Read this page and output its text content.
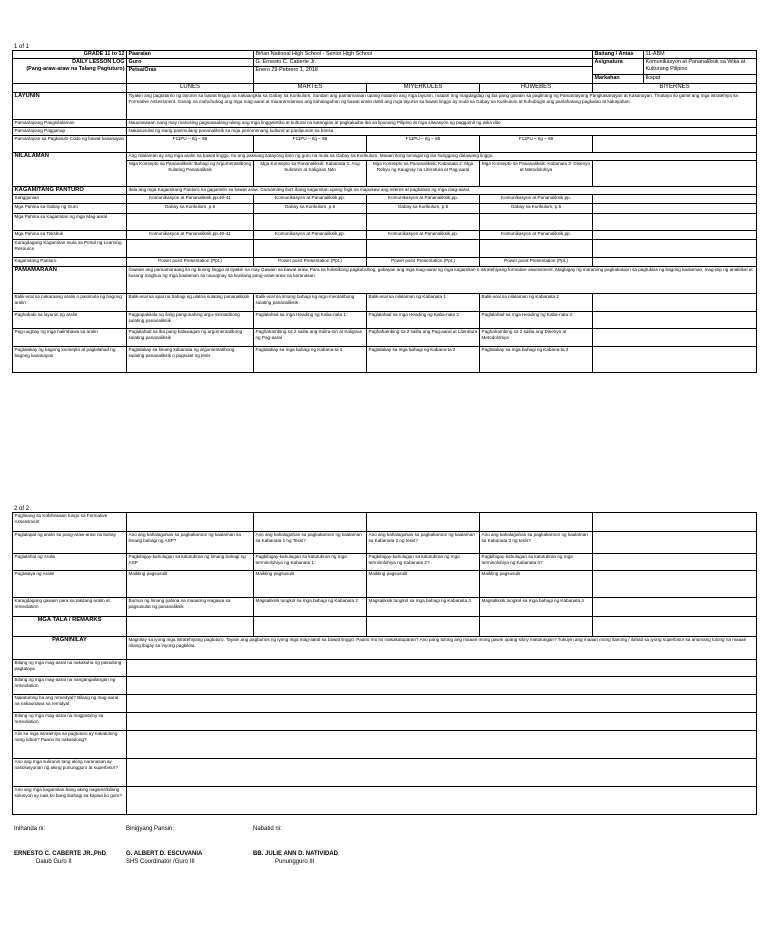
1 of 1
GRADE 11 to 12	Paaralan	Biñan National High School - Senior High School			Baitang / Antas	11-ABM

DAILY LESSON LOG
(Pang-araw-araw na Talang Pagtuturo)	Guro	G. Ernesto C. Caberte Jr.			Asignatura	Komunikasyon at Pananaliksik sa Wika at Kulturang Pilipino
	Petsa/Oras	Enero 29-Pebrero 1, 2018				
					Markahan	Ikapat
	LUNES	MARTES	MIYERKULES	HUWEBES	BIYERNES	
LAYUNIN	Tiyakin ang pagtatamo ng layunin sa bawat linggo na nakaangkla sa Gabay sa Kurikulum. Sundan ang pamamaraan upang matamo ang mga layunin, maaari ring magdagdag ng iba pang gawain sa paglinang ng Pamantayang Pangkasanayan at Kasanayan. Tinataya ito gamit ang mga istratehiya sa Formative Assessment. Ganap na mahuhubog ang mga mag-aaral at mararamdaman ang kahalagahan ng bawat aralin dahil ang mga layunin sa bawat linggo ay mula sa Gabay sa Kurikulum at huhubugin ang panlahatang pagkatao at kakayahan.					
Pamantayang Pangnilalaman	Nauunawaan nang may masusing pagsasaalang-alang ang mga linggwistiko at kultural na katangian at pagkakaiba-iba sa lipunang Pilipino at mga sitwasyon ng paggamit ng wika dito					
Pamantayang Pagganap	Nakasusulat ng isang panimulang pananaliksik sa mga penomenang kultural at panlipunan sa bansa					
Pamantayan sa Pagkatuto Code ng bawat kasanayan	F11PU – IIg – 88	F11PU – IIg – 88	F11PU – IIg – 88	F11PU – IIg – 88		
NILALAMAN	Ang nilalaman ay ang mga aralin sa bawat linggo. Ito ang paksang itatayong itaro ng guro na mula sa Gabay sa Kurikulum. Maaari itong tumagal ng isa hanggang dalawang linggo.					
	Mga Konsepto sa Pananaliksik: Bahagi ng Argumentatibong Sulating Pananaliksik	Mga Konsepto sa Pananaliksik: Kabanata 1: Ang Suliranin at Kaligiran Nito	Mga Konsepto sa Pananaliksik: Kabanata 2: Mga Rebyu ng Kaugnay na Literatura at Pag-aaral	Mga Konsepto sa Pananaliksik: Kabanata 3: Disenyo at Metodolohiya		
KAGAMITANG PANTURO	Itala ang mga Kagamitang Panturo na gagamitin sa bawat araw. Gumamitng iba't ibang kagamitan upang higit na mapukaw ang interes at pagkatuto ng mga mag-aaral.					
Sanggunian	Komunikasyon at Pananaliksik,pp.40-41	Komunikasyon at Pananaliksik,pp.	Komunikasyon at Pananaliksik,pp.	Komunikasyon at Pananaliksik,pp.		
Mga Pahina sa Gabay ng Guro	Gabay sa Kurikulum, p.5	Gabay sa Kurikulum, p.5	Gabay sa Kurikulum, p.5	Gabay sa Kurikulum, p.5		
Mga Pahina sa Kagamitan ng mga Mag-aaral						
Mga Pahina sa Teksbuk	Komunikasyon at Pananaliksik,pp.40-41	Komunikasyon at Pananaliksik,pp.	Komunikasyon at Pananaliksik,pp.	Komunikasyon at Pananaliksik,pp.		
Karagdagang Kagamitan mula sa Portal ng Learning Resource						
Kagamitang Panturo	Power point Presentation (Ppt.)	Power point Presentation (Ppt.)	Power point Presentation (Ppt.)	Power point Presentation (Ppt.)		
PAMAMARAAN	Gawain ang pamamaraang ito ng buong linggo at tiyakin na may Gawain sa bawat araw. Para sa holistikong pagkahubog, gabayan ang mga mag-aaral ng mga kagamitan o istratehiyang formative assessment. Magbigay ng maraming pagkakataon sa pagtuklas ng bagong kaalaman, mag-isip ng analitikal at kusang magbuo ng mga kaalaman sa nauugnay sa kanilang pang-araw-araw na karanasan.					
Balik-aral sa nakaraang aralin o pasimula ng bagong aralin	Balik-aral sa apat na bahagi ng ulatna sulating pananaliksik	Balik-aral sa limang bahagi ng argu-mentatibong sulating pananaliksik	Balik-aral sa nilalaman ng Kabanata 1	Balik-aral sa nilalaman ng Kabanata 2		
Paghahabi sa layunin ng aralin	Pagpapakilala ng ilang pangunahing argu-mentatibong sulating pananaliksik	Paglalahad sa mga Heading ng Kaba-nata 1	Paglalahad sa mga Heading ng Kaba-nata 2	Paglalahad sa mga Heading ng Kaba-nata 3		
Pag-uugnay ng mga halimbawa sa aralin	Paglalahad sa iba pang katawagan ng argumentatibong sulating pananaliksik	Paghahambing sa 2 salita ang Sulira-nin at Kaligiran ng Pag-aaral	Paghahambing sa 2 salita ang Pag-aaral at Literatura	Paghahambing sa 2 salita ang Disenyo at Metodolohiya		
Pagtalakay ng bagong konsepto at paglalahad ng bagong kasanayan	Pagtalakay sa limang kabanata ng argumentatibong sulating pananaliksik o pagsulat ng tesis	Pagtalakay sa mga bahagi ng Kabana-ta 1	Pagtalakay sa mga bahagi ng Kabana-ta 2	Pagtalakay sa mga bahagi ng Kabana-ta 3		
2 of 2
Paglinang sa Kabihasaan tungo sa Formative Assessment					
Paglalapat ng aralin sa pang-araw-araw na buhay	Ano ang kahalagahan sa pagkakaroon ng kaalaman sa limang bahagi ng ASP?	Ano ang kahalagahan sa pagkakaroon ng kaalaman sa Kabanata 1 ng Tesis?	Ano ang kahalagahan sa pagkakaroon ng kaalaman sa Kabanata 2 ng tesis?	Ano ang kahalagahan sa pagkakaroon ng kaalaman sa Kabanata 3 ng tesis?	
Paglalahat ng Aralin	Pagbibigay-kahulugan sa katutubran ng limang bahagi ng ASP	Pagbibigay-kahulugan sa katutubran ng mga terminolohiya ng Kabanata 1	Pagbibigay-kahulugan sa katutubran ng mga terminolohiya ng Kabanata 2?	Pagbibigay-kahulugan sa katutubran ng mga terminolohiya ng Kabanata 3?	
Pagtataya ng Aralin	Maikling pagsusulit	Maikling pagsusulit	Maikling pagsusulit	Maikling pagsusulit	
Karagdagang gawain para sa takdang aralin at remediation	Bumuo ng limang pahina na maaaring isagawa sa pagsusulat ng pananaliksik	Magsaliksik tungkol sa mga bahagi ng Kabanata 2	Magsaliksik tungkol sa mga bahagi ng Kabanata 3	Magsaliksik tungkol sa mga bahagi ng Kabanata 4	
MGA TALA / REMARKS					
PAGNINILAY	Magnilay sa iyong mga istratehiyang pagtuturo. Tayain ang pagbuhos ng iyong mga mag-aaral sa bawat linggo. Paano mo ito naisakatuparan? Ano pang tulong ang maaari mong gawin upang sila'y matulungan? Tukuyin ang maaari mong itanong / ilahad sa iyong superbisor sa anumang tulong na maaari nilang ibigay sa inyong pagkikita.				
Bilang ng mga mag-aaral na nakakuha ng pasadong pagtataya					
Bilang ng mga mag-aaral na nangangailangan ng remediation					
Nakatulong ba ang remedyal? Bilang ng mag-aaral na nakaunawa sa remidyal					
Bilang ng mga mag-aaral na magpatuloy sa remediation					
Alin sa mga istratehiya sa pagtuturo ay nakatulong nang lubos? Paano ito nakatulong?					
Ano ang mga suliranin tang aking naranasan ay nasolusyunan ng aking punungguro at superbisor?					
Ano ang mga kagamitan bang aking nagamit/bilang solusyon ay nais ko bang ibahagi sa kapwa ko guro?					
Inihanda ni:	Binigyang Pansin:	Nabatid ni:
ERNESTO C. CABERTE JR.,PhD
Dalub Guro II
G. ALBERT D. ESCUVANIA
SHS Coordinator /Guro III
BB. JULIE ANN D. NATIVIDAD
Punungguro III
